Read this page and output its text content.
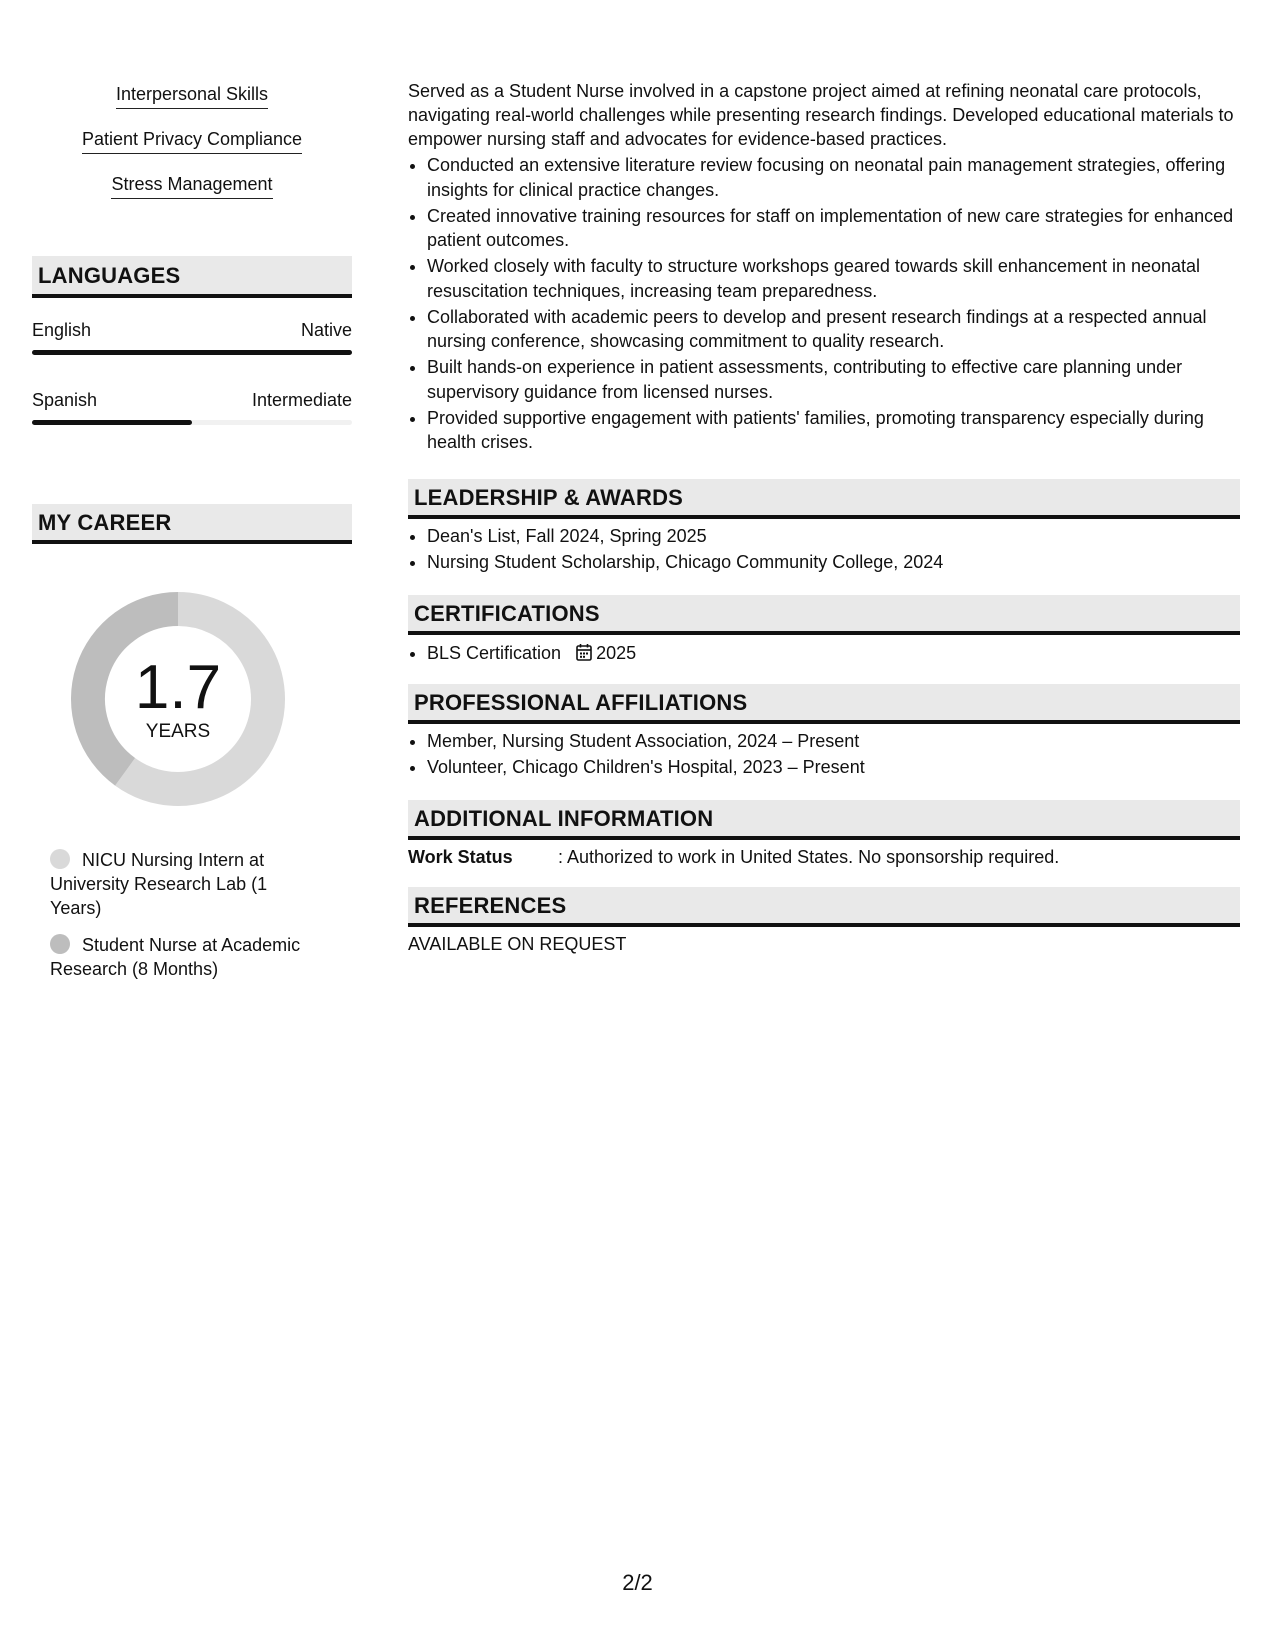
Interpersonal Skills
Patient Privacy Compliance
Stress Management
LANGUAGES
English	Native
Spanish	Intermediate
MY CAREER
1.7
YEARS
NICU Nursing Intern at University Research Lab (1 Years)
Student Nurse at Academic Research (8 Months)
Served as a Student Nurse involved in a capstone project aimed at refining neonatal care protocols, navigating real-world challenges while presenting research findings. Developed educational materials to empower nursing staff and advocates for evidence-based practices.
• Conducted an extensive literature review focusing on neonatal pain management strategies, offering insights for clinical practice changes.
• Created innovative training resources for staff on implementation of new care strategies for enhanced patient outcomes.
• Worked closely with faculty to structure workshops geared towards skill enhancement in neonatal resuscitation techniques, increasing team preparedness.
• Collaborated with academic peers to develop and present research findings at a respected annual nursing conference, showcasing commitment to quality research.
• Built hands-on experience in patient assessments, contributing to effective care planning under supervisory guidance from licensed nurses.
• Provided supportive engagement with patients' families, promoting transparency especially during health crises.
LEADERSHIP & AWARDS
• Dean's List, Fall 2024, Spring 2025
• Nursing Student Scholarship, Chicago Community College, 2024
CERTIFICATIONS
• BLS Certification 2025
PROFESSIONAL AFFILIATIONS
• Member, Nursing Student Association, 2024 – Present
• Volunteer, Chicago Children's Hospital, 2023 – Present
ADDITIONAL INFORMATION
Work Status	: Authorized to work in United States. No sponsorship required.
REFERENCES
AVAILABLE ON REQUEST
2/2
